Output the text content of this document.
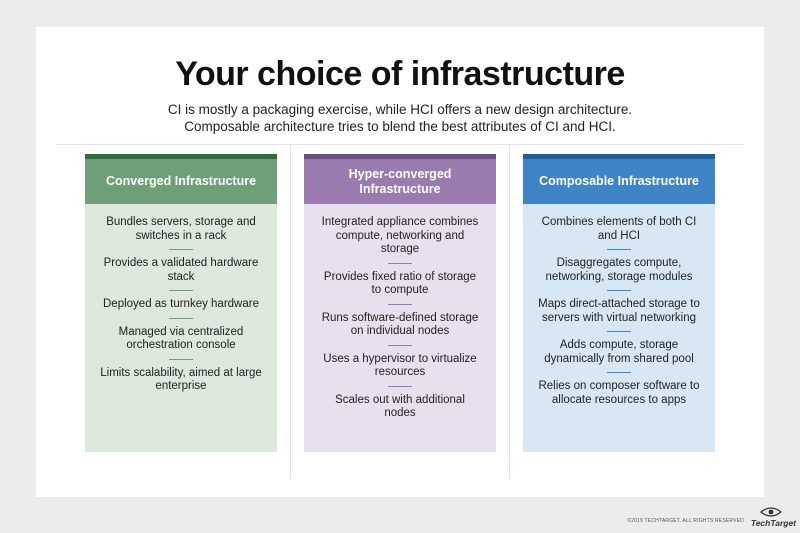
Your choice of infrastructure
CI is mostly a packaging exercise, while HCI offers a new design architecture.
Composable architecture tries to blend the best attributes of CI and HCI.
Converged Infrastructure
Bundles servers, storage and switches in a rack
Provides a validated hardware stack
Deployed as turnkey hardware
Managed via centralized orchestration console
Limits scalability, aimed at large enterprise
Hyper-converged Infrastructure
Integrated appliance combines compute, networking and storage
Provides fixed ratio of storage to compute
Runs software-defined storage on individual nodes
Uses a hypervisor to virtualize resources
Scales out with additional nodes
Composable Infrastructure
Combines elements of both CI and HCI
Disaggregates compute, networking, storage modules
Maps direct-attached storage to servers with virtual networking
Adds compute, storage dynamically from shared pool
Relies on composer software to allocate resources to apps
©2019 TECHTARGET. ALL RIGHTS RESERVED TechTarget
